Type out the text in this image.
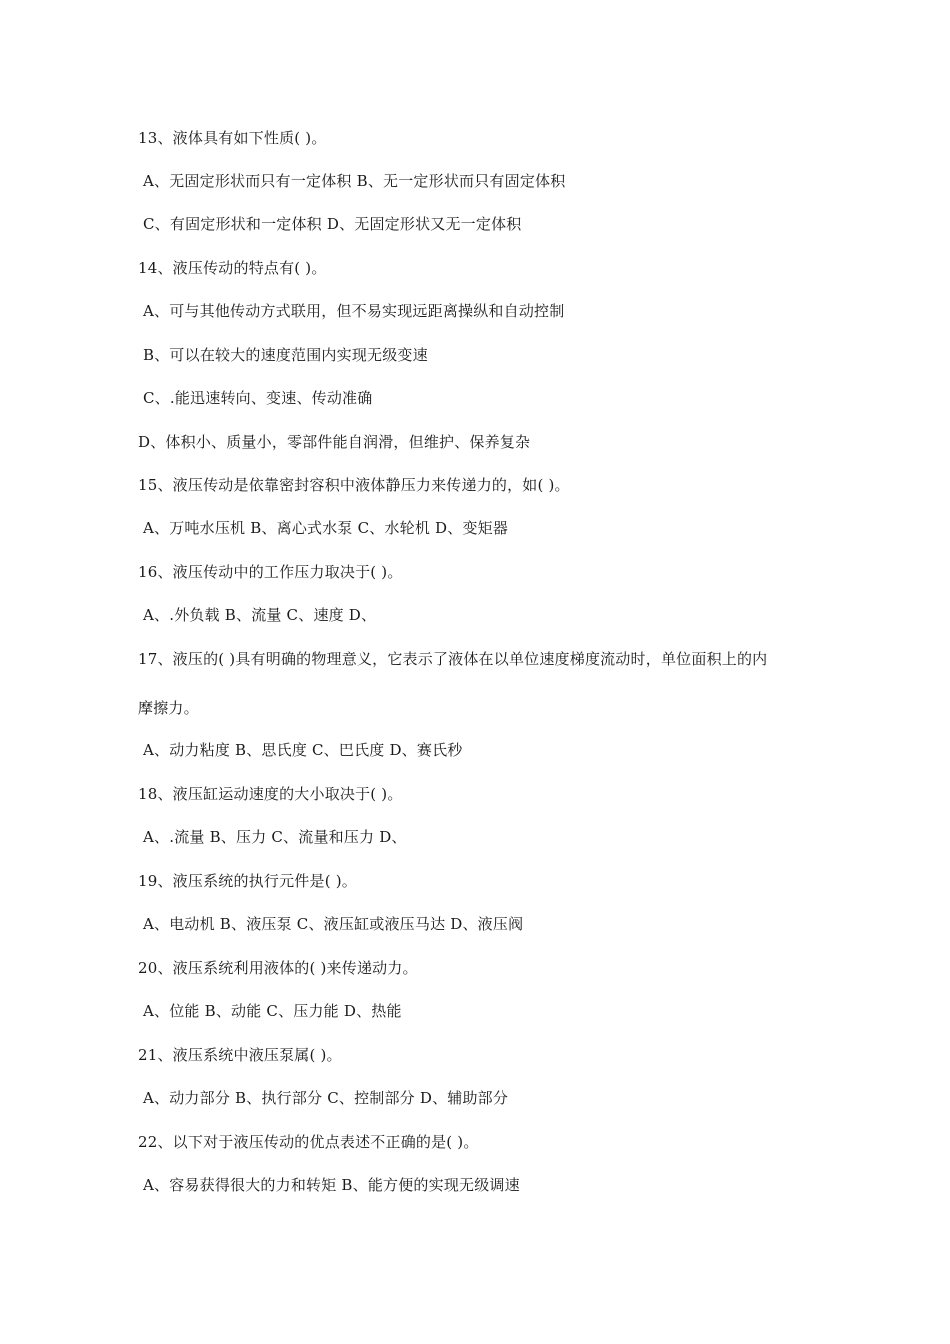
13、液体具有如下性质( )。
A、无固定形状而只有一定体积 B、无一定形状而只有固定体积
C、有固定形状和一定体积 D、无固定形状又无一定体积
14、液压传动的特点有( )。
A、可与其他传动方式联用，但不易实现远距离操纵和自动控制
B、可以在较大的速度范围内实现无级变速
C、.能迅速转向、变速、传动准确
D、体积小、质量小，零部件能自润滑，但维护、保养复杂
15、液压传动是依靠密封容积中液体静压力来传递力的，如( )。
A、万吨水压机 B、离心式水泵 C、水轮机 D、变矩器
16、液压传动中的工作压力取决于( )。
A、.外负载 B、流量 C、速度 D、
17、液压的( )具有明确的物理意义，它表示了液体在以单位速度梯度流动时，单位面积上的内
摩擦力。
A、动力粘度 B、思氏度 C、巴氏度 D、赛氏秒
18、液压缸运动速度的大小取决于( )。
A、.流量 B、压力 C、流量和压力 D、
19、液压系统的执行元件是( )。
A、电动机 B、液压泵 C、液压缸或液压马达 D、液压阀
20、液压系统利用液体的( )来传递动力。
A、位能 B、动能 C、压力能 D、热能
21、液压系统中液压泵属( )。
A、动力部分 B、执行部分 C、控制部分 D、辅助部分
22、以下对于液压传动的优点表述不正确的是( )。
A、容易获得很大的力和转矩 B、能方便的实现无级调速
